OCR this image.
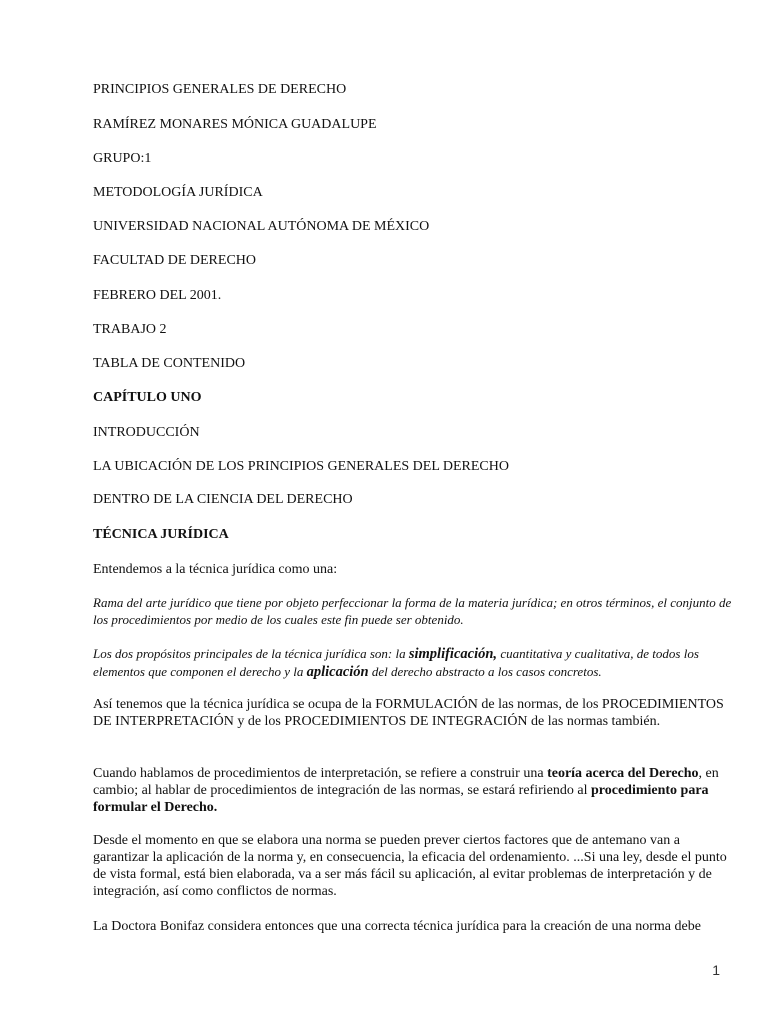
PRINCIPIOS GENERALES DE DERECHO
RAMÍREZ MONARES MÓNICA GUADALUPE
GRUPO:1
METODOLOGÍA JURÍDICA
UNIVERSIDAD NACIONAL AUTÓNOMA DE MÉXICO
FACULTAD DE DERECHO
FEBRERO DEL 2001.
TRABAJO 2
TABLA DE CONTENIDO
CAPÍTULO UNO
INTRODUCCIÓN
LA UBICACIÓN DE LOS PRINCIPIOS GENERALES DEL DERECHO
DENTRO DE LA CIENCIA DEL DERECHO
TÉCNICA JURÍDICA
Entendemos a la técnica jurídica como una:
Rama del arte jurídico que tiene por objeto perfeccionar la forma de la materia jurídica; en otros términos, el conjunto de los procedimientos por medio de los cuales este fin puede ser obtenido.
Los dos propósitos principales de la técnica jurídica son: la simplificación, cuantitativa y cualitativa, de todos los elementos que componen el derecho y la aplicación del derecho abstracto a los casos concretos.
Así tenemos que la técnica jurídica se ocupa de la FORMULACIÓN de las normas, de los PROCEDIMIENTOS DE INTERPRETACIÓN y de los PROCEDIMIENTOS DE INTEGRACIÓN de las normas también.
Cuando hablamos de procedimientos de interpretación, se refiere a construir una teoría acerca del Derecho, en cambio; al hablar de procedimientos de integración de las normas, se estará refiriendo al procedimiento para formular el Derecho.
Desde el momento en que se elabora una norma se pueden prever ciertos factores que de antemano van a garantizar la aplicación de la norma y, en consecuencia, la eficacia del ordenamiento. ...Si una ley, desde el punto de vista formal, está bien elaborada, va a ser más fácil su aplicación, al evitar problemas de interpretación y de integración, así como conflictos de normas.
La Doctora Bonifaz considera entonces que una correcta técnica jurídica para la creación de una norma debe
1
